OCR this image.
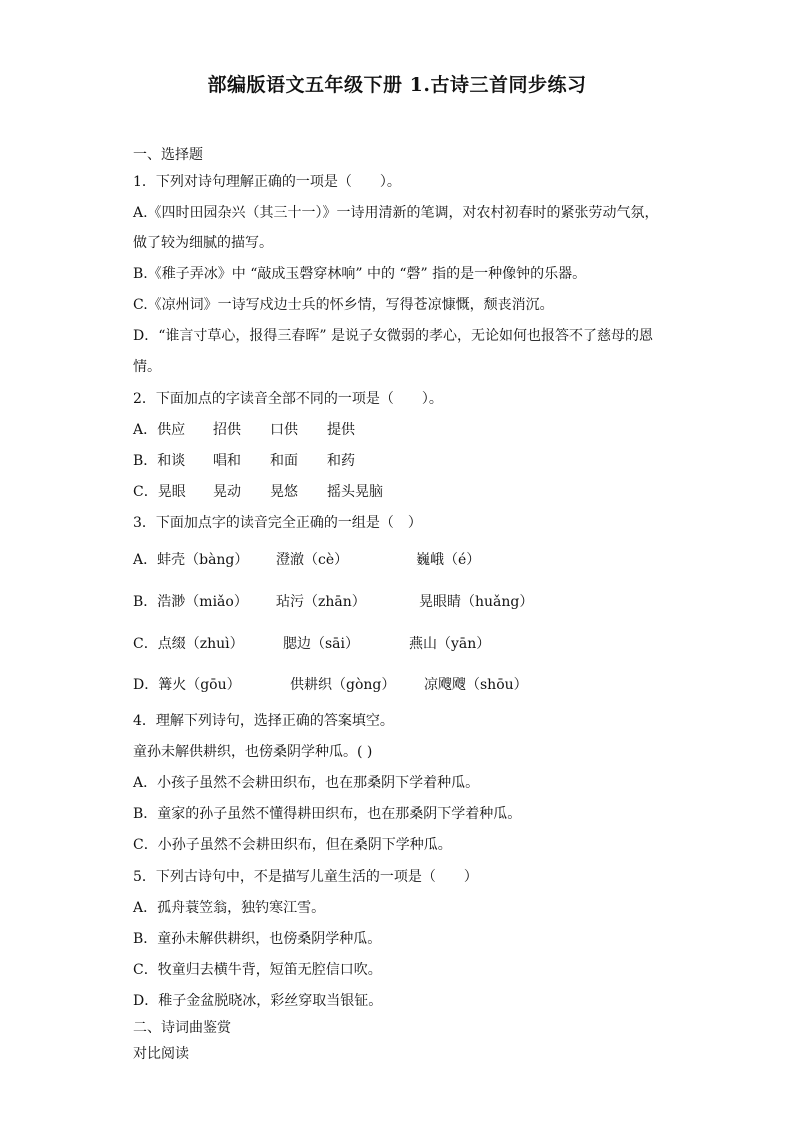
部编版语文五年级下册 1.古诗三首同步练习
一、选择题
1．下列对诗句理解正确的一项是（　　）。
A.《四时田园杂兴（其三十一）》一诗用清新的笔调，对农村初春时的紧张劳动气氛，
做了较为细腻的描写。
B.《稚子弄冰》中 “敲成玉磬穿林响” 中的 “磬” 指的是一种像钟的乐器。
C.《凉州词》一诗写戍边士兵的怀乡情，写得苍凉慷慨，颓丧消沉。
D．“谁言寸草心，报得三春晖” 是说子女微弱的孝心，无论如何也报答不了慈母的恩
情。
2．下面加点的字读音全部不同的一项是（　　）。
A．供应 招供 口供 提供
B．和谈 唱和 和面 和药
C．晃眼 晃动 晃悠 摇头晃脑
3．下面加点字的读音完全正确的一组是（　）
A．蚌壳（bàng） 澄澈（cè）	巍峨（é）
B．浩渺（miǎo） 玷污（zhān）	晃眼睛（huǎng）
C．点缀（zhuì）	腮边（sāi）	燕山（yān）
D．篝火（gōu）	供耕织（gòng） 凉飕飕（shōu）
4．理解下列诗句，选择正确的答案填空。
童孙未解供耕织，也傍桑阴学种瓜。( )
A．小孩子虽然不会耕田织布，也在那桑阴下学着种瓜。
B．童家的孙子虽然不懂得耕田织布，也在那桑阴下学着种瓜。
C．小孙子虽然不会耕田织布，但在桑阴下学种瓜。
5．下列古诗句中，不是描写儿童生活的一项是（　　）
A．孤舟蓑笠翁，独钓寒江雪。
B．童孙未解供耕织，也傍桑阴学种瓜。
C．牧童归去横牛背，短笛无腔信口吹。
D．稚子金盆脱晓冰，彩丝穿取当银钲。
二、诗词曲鉴赏
对比阅读
